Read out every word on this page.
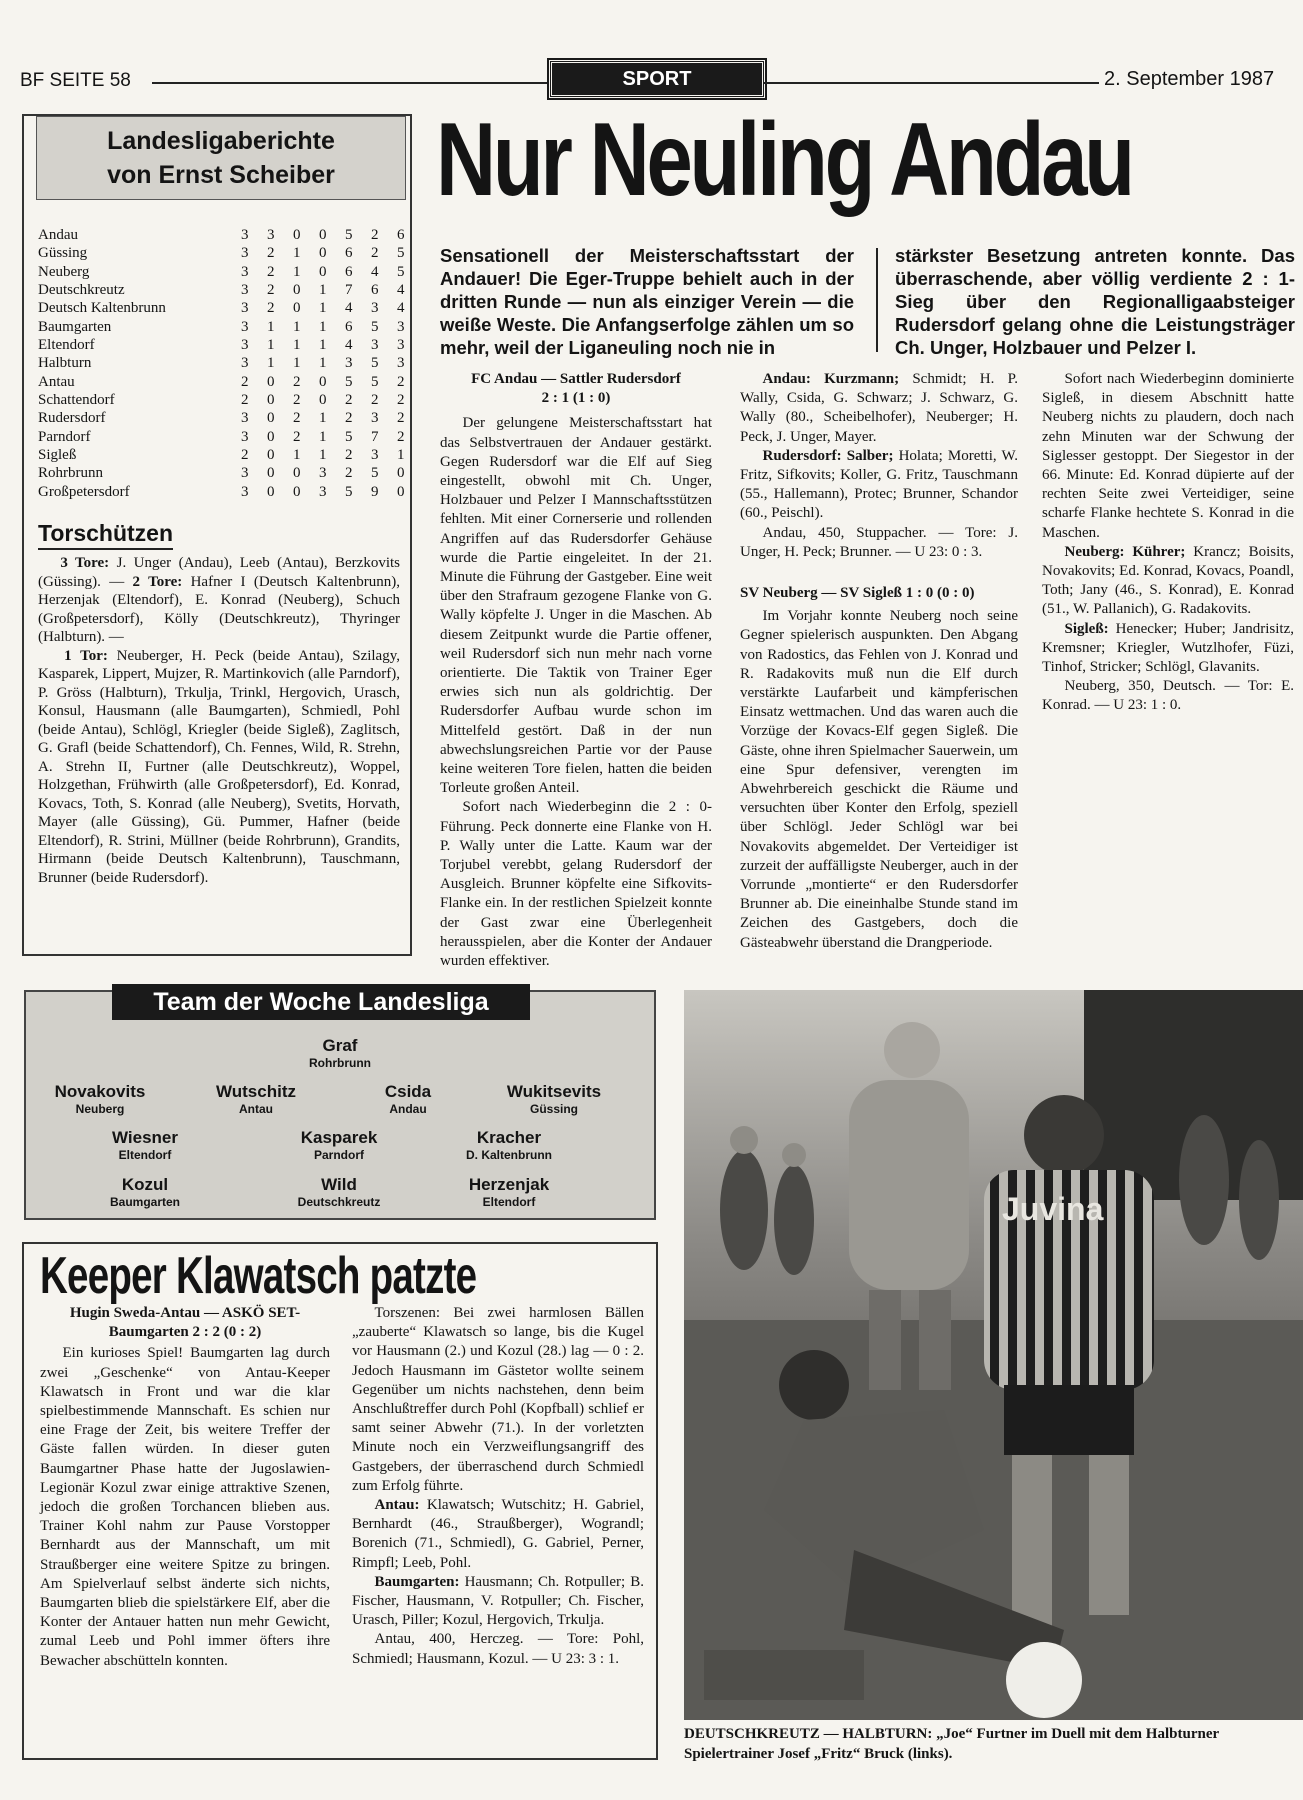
BF SEITE 58	SPORT	2. September 1987
Landesligaberichte
von Ernst Scheiber
Andau	3	3	0	0	5	2	6
Güssing	3	2	1	0	6	2	5
Neuberg	3	2	1	0	6	4	5
Deutschkreutz	3	2	0	1	7	6	4
Deutsch Kaltenbrunn	3	2	0	1	4	3	4
Baumgarten	3	1	1	1	6	5	3
Eltendorf	3	1	1	1	4	3	3
Halbturn	3	1	1	1	3	5	3
Antau	2	0	2	0	5	5	2
Schattendorf	2	0	2	0	2	2	2
Rudersdorf	3	0	2	1	2	3	2
Parndorf	3	0	2	1	5	7	2
Sigleß	2	0	1	1	2	3	1
Rohrbrunn	3	0	0	3	2	5	0
Großpetersdorf	3	0	0	3	5	9	0
Torschützen
3 Tore: J. Unger (Andau), Leeb (Antau), Berzkovits (Güssing). — 2 Tore: Hafner I (Deutsch Kaltenbrunn), Herzenjak (Eltendorf), E. Konrad (Neuberg), Schuch (Großpetersdorf), Kölly (Deutschkreutz), Thyringer (Halbturn). —
1 Tor: Neuberger, H. Peck (beide Antau), Szilagy, Kasparek, Lippert, Mujzer, R. Martinkovich (alle Parndorf), P. Gröss (Halbturn), Trkulja, Trinkl, Hergovich, Urasch, Konsul, Hausmann (alle Baumgarten), Schmiedl, Pohl (beide Antau), Schlögl, Kriegler (beide Sigleß), Zaglitsch, G. Grafl (beide Schattendorf), Ch. Fennes, Wild, R. Strehn, A. Strehn II, Furtner (alle Deutschkreutz), Woppel, Holzgethan, Frühwirth (alle Großpetersdorf), Ed. Konrad, Kovacs, Toth, S. Konrad (alle Neuberg), Svetits, Horvath, Mayer (alle Güssing), Gü. Pummer, Hafner (beide Eltendorf), R. Strini, Müllner (beide Rohrbrunn), Grandits, Hirmann (beide Deutsch Kaltenbrunn), Tauschmann, Brunner (beide Rudersdorf).
Nur Neuling Andau
Sensationell der Meisterschaftsstart der Andauer! Die Eger-Truppe behielt auch in der dritten Runde — nun als einziger Verein — die weiße Weste. Die Anfangserfolge zählen um so mehr, weil der Liganeuling noch nie in
stärkster Besetzung antreten konnte. Das überraschende, aber völlig verdiente 2 : 1-Sieg über den Regionalligaabsteiger Rudersdorf gelang ohne die Leistungsträger Ch. Unger, Holzbauer und Pelzer I.

FC Andau — Sattler Rudersdorf

2 : 1 (1 : 0)

Der gelungene Meisterschaftsstart hat das Selbstvertrauen der Andauer gestärkt. Gegen Rudersdorf war die Elf auf Sieg eingestellt, obwohl mit Ch. Unger, Holzbauer und Pelzer I Mannschaftsstützen fehlten. Mit einer Cornerserie und rollenden Angriffen auf das Rudersdorfer Gehäuse wurde die Partie eingeleitet. In der 21. Minute die Führung der Gastgeber. Eine weit über den Strafraum gezogene Flanke von G. Wally köpfelte J. Unger in die Maschen. Ab diesem Zeitpunkt wurde die Partie offener, weil Rudersdorf sich nun mehr nach vorne orientierte. Die Taktik von Trainer Eger erwies sich nun als goldrichtig. Der Rudersdorfer Aufbau wurde schon im Mittelfeld gestört. Daß in der nun abwechslungsreichen Partie vor der Pause keine weiteren Tore fielen, hatten die beiden Torleute großen Anteil.

Sofort nach Wiederbeginn die 2 : 0-Führung. Peck donnerte eine Flanke von H. P. Wally unter die Latte. Kaum war der Torjubel verebbt, gelang Rudersdorf der Ausgleich. Brunner köpfelte eine Sifkovits-Flanke ein. In der restlichen Spielzeit konnte der Gast zwar eine Überlegenheit herausspielen, aber die Konter der Andauer wurden effektiver.

Andau: Kurzmann; Schmidt; H. P. Wally, Csida, G. Schwarz; J. Schwarz, G. Wally (80., Scheibelhofer), Neuberger; H. Peck, J. Unger, Mayer.

Rudersdorf: Salber; Holata; Moretti, W. Fritz, Sifkovits; Koller, G. Fritz, Tauschmann (55., Hallemann), Protec; Brunner, Schandor (60., Peischl).

Andau, 450, Stuppacher. — Tore: J. Unger, H. Peck; Brunner. — U 23: 0 : 3.

SV Neuberg — SV Sigleß 1 : 0 (0 : 0)

Im Vorjahr konnte Neuberg noch seine Gegner spielerisch auspunkten. Den Abgang von Radostics, das Fehlen von J. Konrad und R. Radakovits muß nun die Elf durch verstärkte Laufarbeit und kämpferischen Einsatz wettmachen. Und das waren auch die Vorzüge der Kovacs-Elf gegen Sigleß. Die Gäste, ohne ihren Spielmacher Sauerwein, um eine Spur defensiver, verengten im Abwehrbereich geschickt die Räume und versuchten über Konter den Erfolg, speziell über Schlögl. Jeder Schlögl war bei Novakovits abgemeldet. Der Verteidiger ist zurzeit der auffälligste Neuberger, auch in der Vorrunde „montierte“ er den Rudersdorfer Brunner ab. Die eineinhalbe Stunde stand im Zeichen des Gastgebers, doch die Gästeabwehr überstand die Drangperiode.

Sofort nach Wiederbeginn dominierte Sigleß, in diesem Abschnitt hatte Neuberg nichts zu plaudern, doch nach zehn Minuten war der Schwung der Siglesser gestoppt. Der Siegestor in der 66. Minute: Ed. Konrad düpierte auf der rechten Seite zwei Verteidiger, seine scharfe Flanke hechtete S. Konrad in die Maschen.

Neuberg: Kührer; Krancz; Boisits, Novakovits; Ed. Konrad, Kovacs, Poandl, Toth; Jany (46., S. Konrad), E. Konrad (51., W. Pallanich), G. Radakovits.

Sigleß: Henecker; Huber; Jandrisitz, Kremsner; Kriegler, Wutzlhofer, Füzi, Tinhof, Stricker; Schlögl, Glavanits.

Neuberg, 350, Deutsch. — Tor: E. Konrad. — U 23: 1 : 0.

Team der Woche Landesliga
Graf
Rohrbrunn
Novakovits
Neuberg
Wutschitz
Antau
Csida
Andau
Wukitsevits
Güssing
Wiesner
Eltendorf
Kasparek
Parndorf
Kracher
D. Kaltenbrunn
Kozul
Baumgarten
Wild
Deutschkreutz
Herzenjak
Eltendorf
Keeper Klawatsch patzte

Hugin Sweda-Antau — ASKÖ SET-

Baumgarten 2 : 2 (0 : 2)

Ein kurioses Spiel! Baumgarten lag durch zwei „Geschenke“ von Antau-Keeper Klawatsch in Front und war die klar spielbestimmende Mannschaft. Es schien nur eine Frage der Zeit, bis weitere Treffer der Gäste fallen würden. In dieser guten Baumgartner Phase hatte der Jugoslawien-Legionär Kozul zwar einige attraktive Szenen, jedoch die großen Torchancen blieben aus. Trainer Kohl nahm zur Pause Vorstopper Bernhardt aus der Mannschaft, um mit Straußberger eine weitere Spitze zu bringen. Am Spielverlauf selbst änderte sich nichts, Baumgarten blieb die spielstärkere Elf, aber die Konter der Antauer hatten nun mehr Gewicht, zumal Leeb und Pohl immer öfters ihre Bewacher abschütteln konnten.

Torszenen: Bei zwei harmlosen Bällen „zauberte“ Klawatsch so lange, bis die Kugel vor Hausmann (2.) und Kozul (28.) lag — 0 : 2. Jedoch Hausmann im Gästetor wollte seinem Gegenüber um nichts nachstehen, denn beim Anschlußtreffer durch Pohl (Kopfball) schlief er samt seiner Abwehr (71.). In der vorletzten Minute noch ein Verzweiflungsangriff des Gastgebers, der überraschend durch Schmiedl zum Erfolg führte.

Antau: Klawatsch; Wutschitz; H. Gabriel, Bernhardt (46., Straußberger), Wograndl; Borenich (71., Schmiedl), G. Gabriel, Perner, Rimpfl; Leeb, Pohl.

Baumgarten: Hausmann; Ch. Rotpuller; B. Fischer, Hausmann, V. Rotpuller; Ch. Fischer, Urasch, Piller; Kozul, Hergovich, Trkulja.

Antau, 400, Herczeg. — Tore: Pohl, Schmiedl; Hausmann, Kozul. — U 23: 3 : 1.

Juvina
DEUTSCHKREUTZ — HALBTURN: „Joe“ Furtner im Duell mit dem Halbturner Spielertrainer Josef „Fritz“ Bruck (links).
